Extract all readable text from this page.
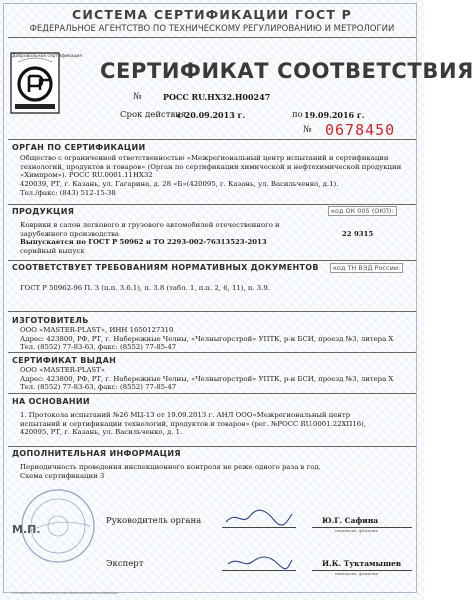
СИСТЕМА СЕРТИФИКАЦИИ ГОСТ Р
ФЕДЕРАЛЬНОЕ АГЕНТСТВО ПО ТЕХНИЧЕСКОМУ РЕГУЛИРОВАНИЮ И МЕТРОЛОГИИ
Добровольная сертификация
СЕРТИФИКАТ СООТВЕТСТВИЯ
№	РОСС RU.НХ32.Н00247
Срок действия
с 20.09.2013 г.	по 19.09.2016 г.
№ 0678450
ОРГАН ПО СЕРТИФИКАЦИИ
Общество с ограниченной ответственностью «Межрегиональный центр испытаний и сертификации
технологий, продуктов и товаров» (Орган по сертификации химической и нефтехимической продукции
«Химпром»). РОСС RU.0001.11НХ32
420039, РТ, г. Казань, ул. Гагарина, д. 28 «Б»(420095, г. Казань, ул. Васильченко, д.1).
Тел./факс: (843) 512-15-38
ПРОДУКЦИЯ	код ОК 005 (ОКП):
Коврики в салон легкового и грузового автомобилей отечественного и
зарубежного производства
Выпускается по ГОСТ Р 50962 и ТО 2293-002-76313523-2013
серийный выпуск
22 9315
СООТВЕТСТВУЕТ ТРЕБОВАНИЯМ НОРМАТИВНЫХ ДОКУМЕНТОВ	код ТН ВЭД России:
ГОСТ Р 50962-96 П. 3 (п.п. 3.6.1), п. 3.8 (табл. 1, п.п. 2, 6, 11), п. 3.9.
ИЗГОТОВИТЕЛЬ
ООО «MASTER-PLAST», ИНН 1650127310
Адрес: 423800, РФ, РТ, г. Набережные Челны, «Челныгорстрой» УПТК, р-н БСИ, проезд №3, литера Х
Тел. (8552) 77-83-63, факс: (8552) 77-85-47
СЕРТИФИКАТ ВЫДАН
ООО «MASTER-PLAST»
Адрес: 423800, РФ, РТ, г. Набережные Челны, «Челныгорстрой» УПТК, р-н БСИ, проезд №3, литера Х
Тел. (8552) 77-83-63, факс: (8552) 77-85-47
НА ОСНОВАНИИ
1. Протокола испытаний №26 МЦ-13 от 19.09.2013 г. АНЛ ООО«Межрегиональный центр
испытаний и сертификации технологий, продуктов и товаров» (рег. №РОСС RU.0001.22ХП16),
420095, РТ, г. Казань, ул. Васильченко, д. 1.
ДОПОЛНИТЕЛЬНАЯ ИНФОРМАЦИЯ
Периодичность проведения инспекционного контроля не реже одного раза в год.
Схема сертификации 3
М.П.
Руководитель органа	Ю.Г. Сафина
инициалы, фамилия
Эксперт	И.К. Туктамышев
инициалы, фамилия
Сертификат не применяется при обязательной сертификации
